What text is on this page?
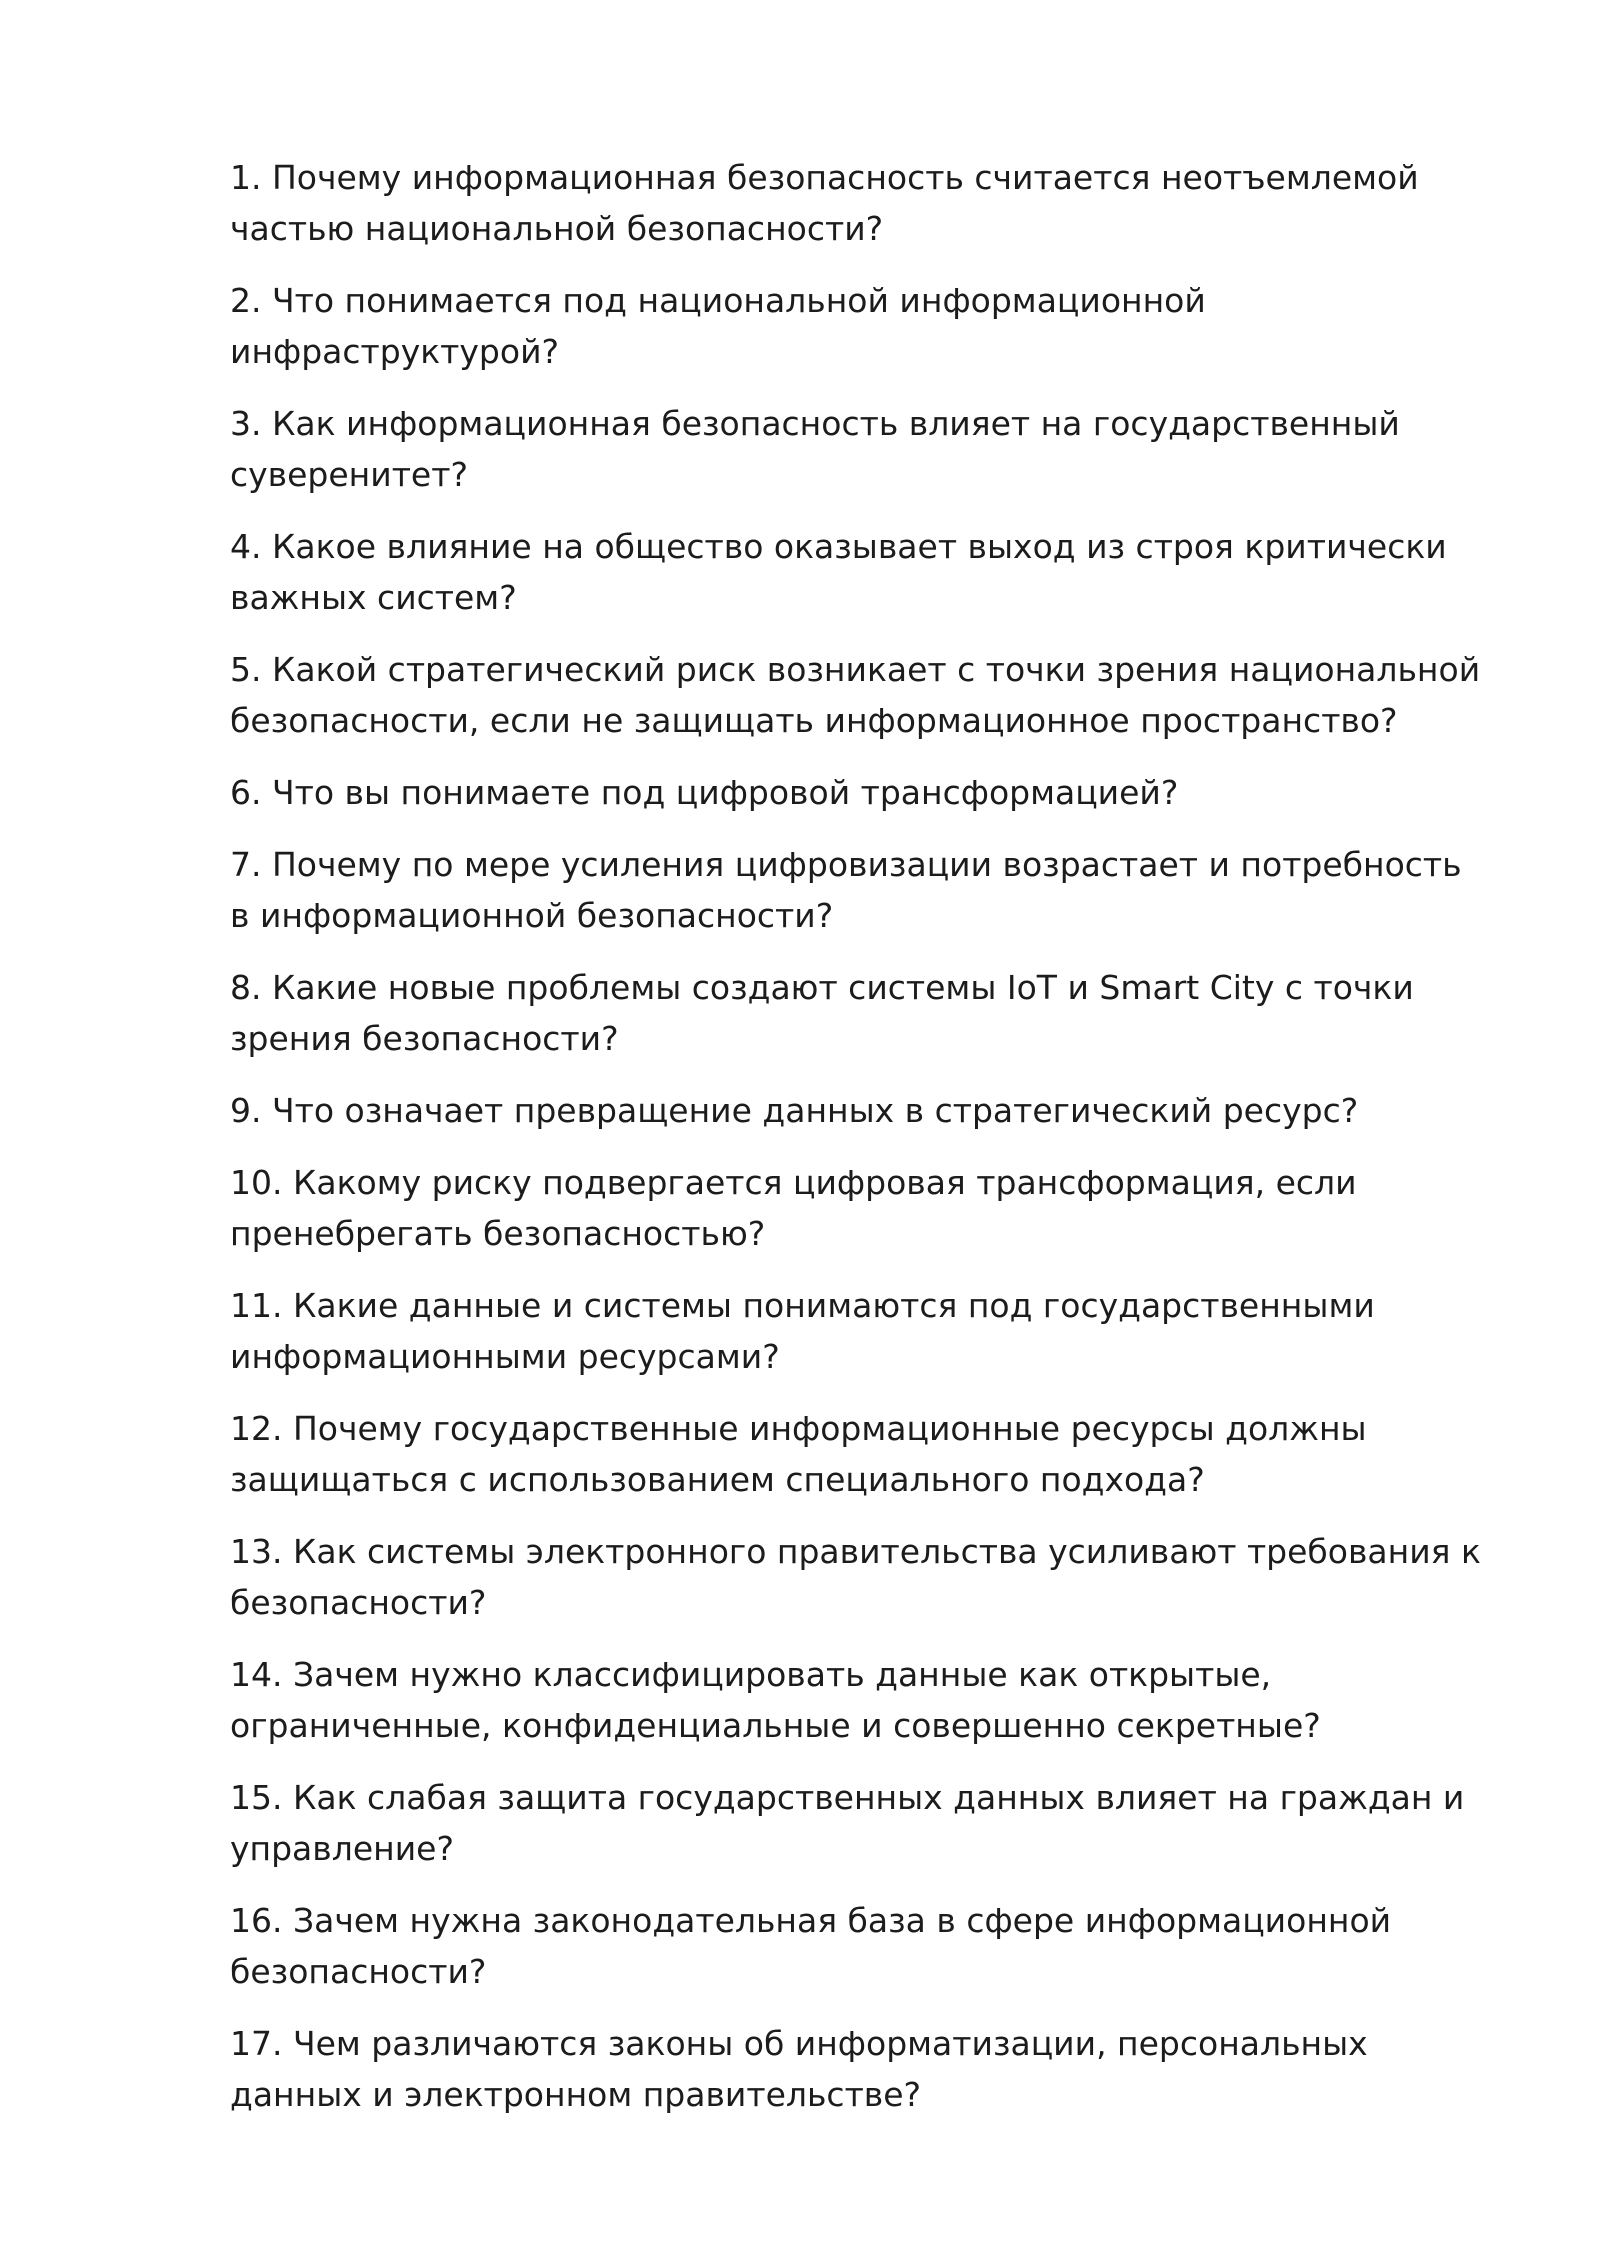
1. Почему информационная безопасность считается неотъемлемой частью национальной безопасности?

2. Что понимается под национальной информационной инфраструктурой?

3. Как информационная безопасность влияет на государственный суверенитет?

4. Какое влияние на общество оказывает выход из строя критически важных систем?

5. Какой стратегический риск возникает с точки зрения национальной безопасности, если не защищать информационное пространство?

6. Что вы понимаете под цифровой трансформацией?

7. Почему по мере усиления цифровизации возрастает и потребность в информационной безопасности?

8. Какие новые проблемы создают системы IoT и Smart City с точки зрения безопасности?

9. Что означает превращение данных в стратегический ресурс?

10. Какому риску подвергается цифровая трансформация, если пренебрегать безопасностью?

11. Какие данные и системы понимаются под государственными информационными ресурсами?

12. Почему государственные информационные ресурсы должны защищаться с использованием специального подхода?

13. Как системы электронного правительства усиливают требования к безопасности?

14. Зачем нужно классифицировать данные как открытые, ограниченные, конфиденциальные и совершенно секретные?

15. Как слабая защита государственных данных влияет на граждан и управление?

16. Зачем нужна законодательная база в сфере информационной безопасности?

17. Чем различаются законы об информатизации, персональных данных и электронном правительстве?
